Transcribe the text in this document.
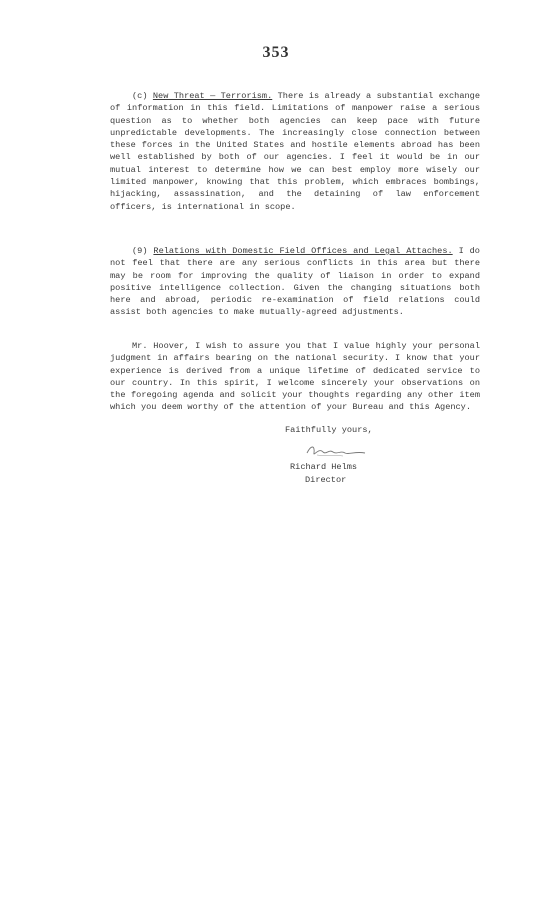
353
(c) New Threat — Terrorism. There is already a substantial exchange of information in this field. Limitations of manpower raise a serious question as to whether both agencies can keep pace with future unpredictable developments. The increasingly close connection between these forces in the United States and hostile elements abroad has been well established by both of our agencies. I feel it would be in our mutual interest to determine how we can best employ more wisely our limited manpower, knowing that this problem, which embraces bombings, hijacking, assassination, and the detaining of law enforcement officers, is international in scope.
(9) Relations with Domestic Field Offices and Legal Attaches. I do not feel that there are any serious conflicts in this area but there may be room for improving the quality of liaison in order to expand positive intelligence collection. Given the changing situations both here and abroad, periodic re-examination of field relations could assist both agencies to make mutually-agreed adjustments.
Mr. Hoover, I wish to assure you that I value highly your personal judgment in affairs bearing on the national security. I know that your experience is derived from a unique lifetime of dedicated service to our country. In this spirit, I welcome sincerely your observations on the foregoing agenda and solicit your thoughts regarding any other item which you deem worthy of the attention of your Bureau and this Agency.
Faithfully yours,
Richard Helms
Director
